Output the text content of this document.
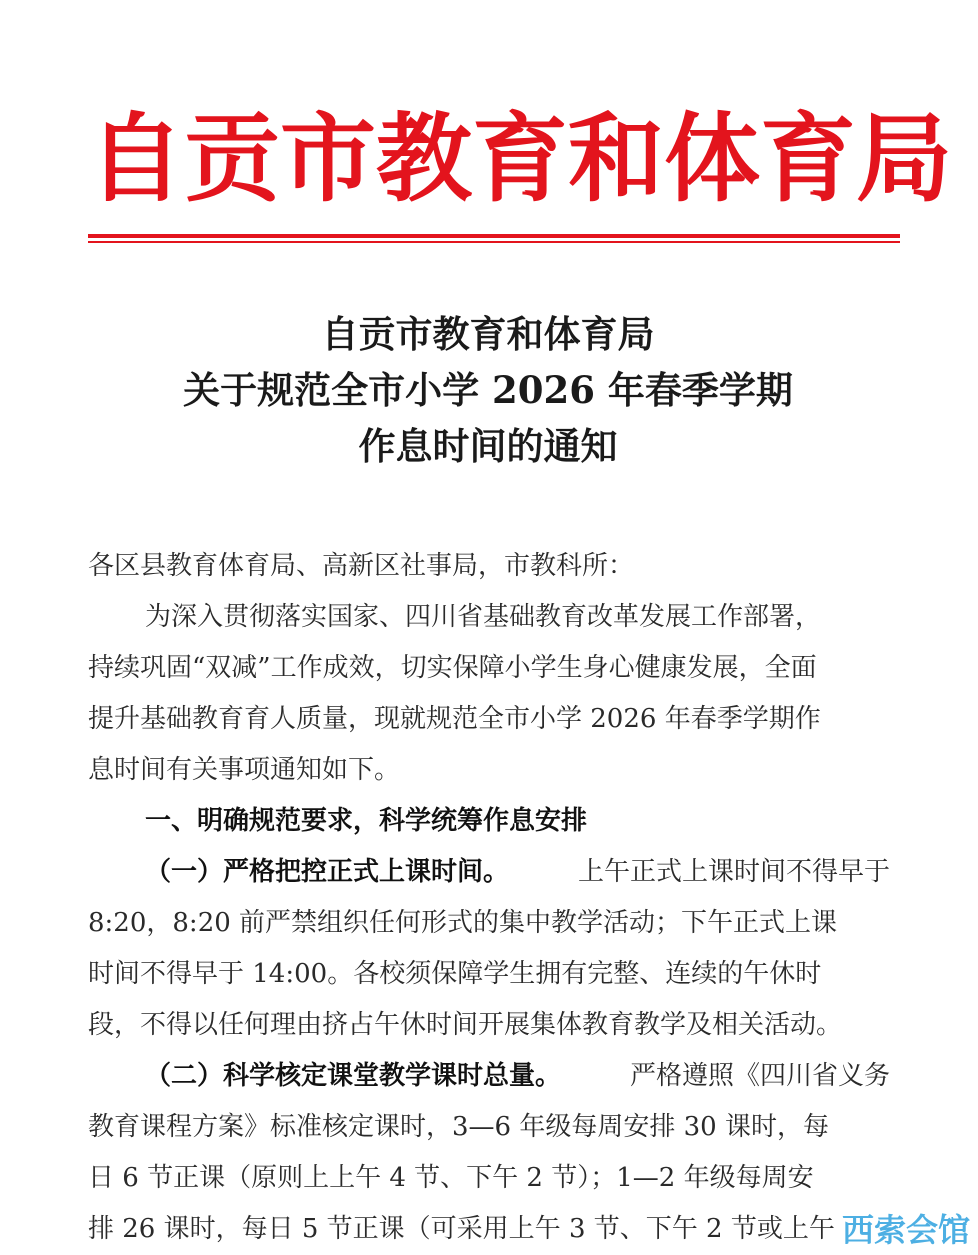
自 贡 市 教 育 和 体 育 局
自贡市教育和体育局
关于规范全市小学 2026 年春季学期
作息时间的通知
各区县教育体育局、高新区社事局，市教科所：
为深入贯彻落实国家、四川省基础教育改革发展工作部署，
持续巩固“双减”工作成效，切实保障小学生身心健康发展，全面
提升基础教育育人质量，现就规范全市小学 2026 年春季学期作
息时间有关事项通知如下。
一、明确规范要求，科学统筹作息安排
（一）严格把控正式上课时间。	上午正式上课时间不得早于
8:20，8:20 前严禁组织任何形式的集中教学活动；下午正式上课
时间不得早于 14:00。各校须保障学生拥有完整、连续的午休时
段，不得以任何理由挤占午休时间开展集体教育教学及相关活动。
（二）科学核定课堂教学课时总量。	严格遵照《四川省义务
教育课程方案》标准核定课时，3—6 年级每周安排 30 课时，每
日 6 节正课（原则上上午 4 节、下午 2 节）；1—2 年级每周安
排 26 课时，每日 5 节正课（可采用上午 3 节、下午 2 节或上午 西索会馆
